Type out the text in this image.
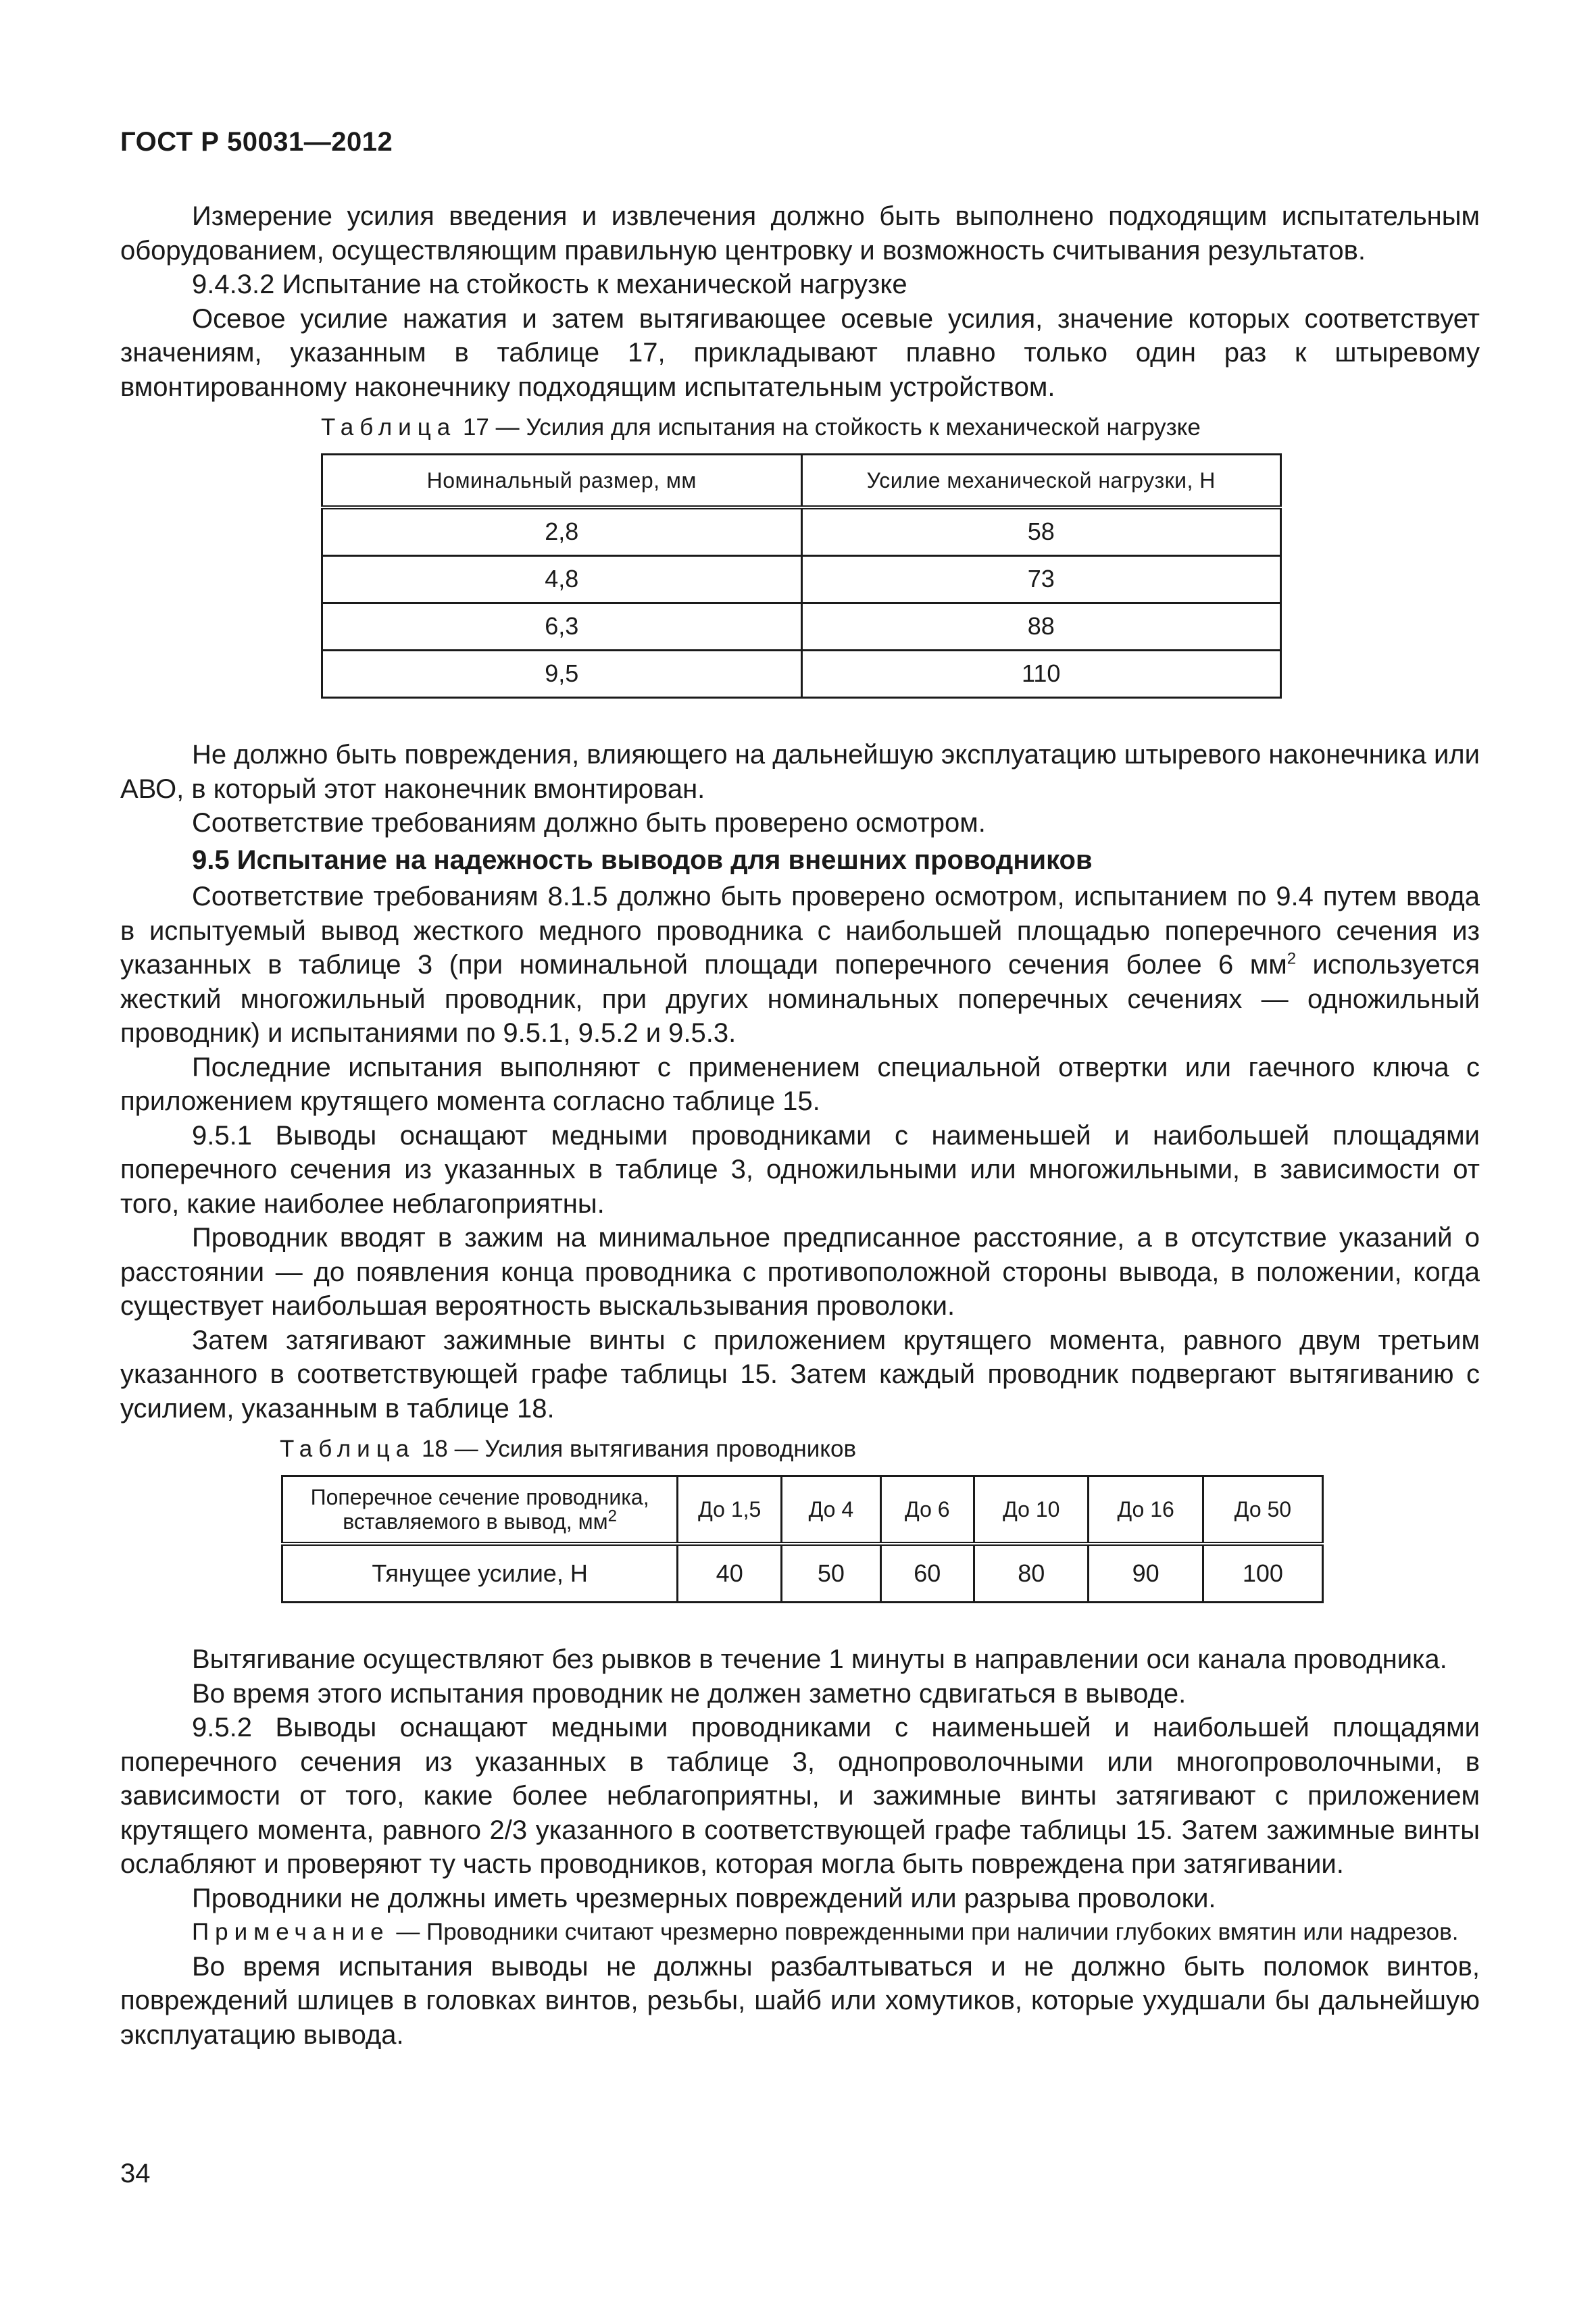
ГОСТ Р 50031—2012

Измерение усилия введения и извлечения должно быть выполнено подходящим испытательным оборудованием, осуществляющим правильную центровку и возможность считывания результатов.

9.4.3.2 Испытание на стойкость к механической нагрузке

Осевое усилие нажатия и затем вытягивающее осевые усилия, значение которых соответствует значениям, указанным в таблице 17, прикладывают плавно только один раз к штыревому вмонтированному наконечнику подходящим испытательным устройством.

Таблица 17 — Усилия для испытания на стойкость к механической нагрузке
Номинальный размер, мм	Усилие механической нагрузки, Н
2,8	58
4,8	73
6,3	88
9,5	110

Не должно быть повреждения, влияющего на дальнейшую эксплуатацию штыревого наконечника или АВО, в который этот наконечник вмонтирован.

Соответствие требованиям должно быть проверено осмотром.

9.5 Испытание на надежность выводов для внешних проводников

Соответствие требованиям 8.1.5 должно быть проверено осмотром, испытанием по 9.4 путем ввода в испытуемый вывод жесткого медного проводника с наибольшей площадью поперечного сечения из указанных в таблице 3 (при номинальной площади поперечного сечения более 6 $мм^2$ используется жесткий многожильный проводник, при других номинальных поперечных сечениях — одножильный проводник) и испытаниями по 9.5.1, 9.5.2 и 9.5.3.

Последние испытания выполняют с применением специальной отвертки или гаечного ключа с приложением крутящего момента согласно таблице 15.

9.5.1 Выводы оснащают медными проводниками с наименьшей и наибольшей площадями поперечного сечения из указанных в таблице 3, одножильными или многожильными, в зависимости от того, какие наиболее неблагоприятны.

Проводник вводят в зажим на минимальное предписанное расстояние, а в отсутствие указаний о расстоянии — до появления конца проводника с противоположной стороны вывода, в положении, когда существует наибольшая вероятность выскальзывания проволоки.

Затем затягивают зажимные винты с приложением крутящего момента, равного двум третьим указанного в соответствующей графе таблицы 15. Затем каждый проводник подвергают вытягиванию с усилием, указанным в таблице 18.

Таблица 18 — Усилия вытягивания проводников
Поперечное сечение проводника, вставляемого в вывод, $мм^2$	До 1,5	До 4	До 6	До 10	До 16	До 50
Тянущее усилие, Н	40	50	60	80	90	100

Вытягивание осуществляют без рывков в течение 1 минуты в направлении оси канала проводника.

Во время этого испытания проводник не должен заметно сдвигаться в выводе.

9.5.2 Выводы оснащают медными проводниками с наименьшей и наибольшей площадями поперечного сечения из указанных в таблице 3, однопроволочными или многопроволочными, в зависимости от того, какие более неблагоприятны, и зажимные винты затягивают с приложением крутящего момента, равного 2/3 указанного в соответствующей графе таблицы 15. Затем зажимные винты ослабляют и проверяют ту часть проводников, которая могла быть повреждена при затягивании.

Проводники не должны иметь чрезмерных повреждений или разрыва проволоки.

Примечание — Проводники считают чрезмерно поврежденными при наличии глубоких вмятин или надрезов.

Во время испытания выводы не должны разбалтываться и не должно быть поломок винтов, повреждений шлицев в головках винтов, резьбы, шайб или хомутиков, которые ухудшали бы дальнейшую эксплуатацию вывода.

34
